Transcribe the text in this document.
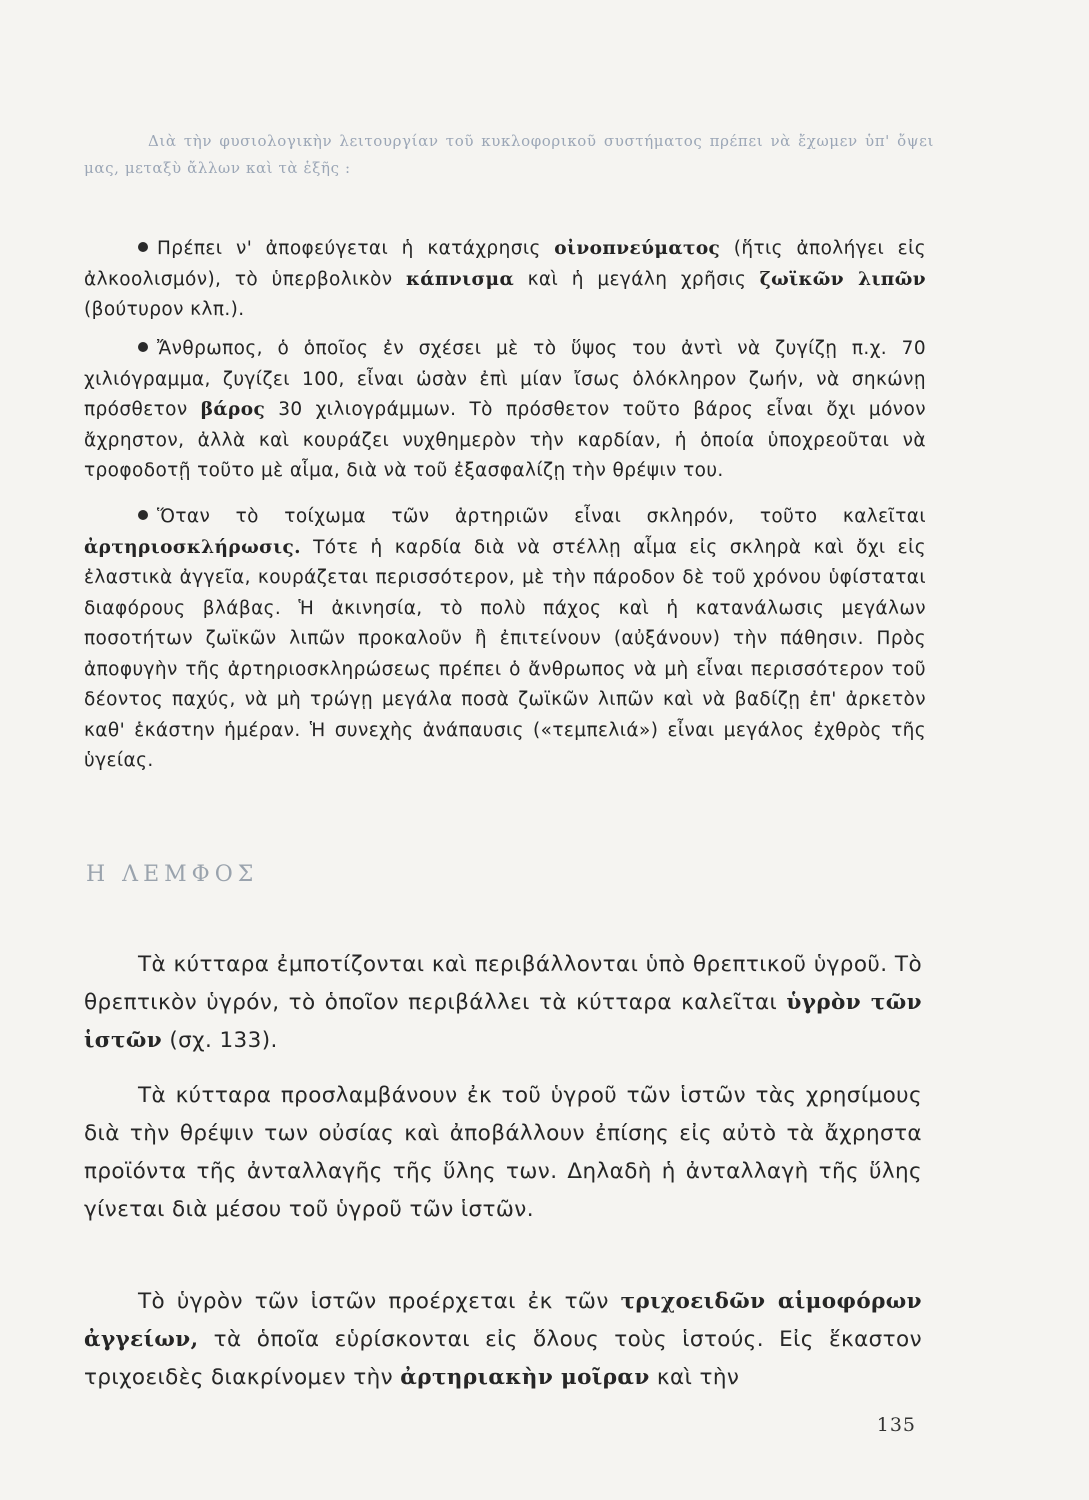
Διὰ τὴν φυσιολογικὴν λειτουργίαν τοῦ κυκλοφορικοῦ συστήματος πρέπει νὰ ἔχωμεν ὑπ' ὄψει μας, μεταξὺ ἄλλων καὶ τὰ ἑξῆς :

Πρέπει ν' ἀποφεύγεται ἡ κατάχρησις οἰνοπνεύματος (ἥτις ἀπολήγει εἰς ἀλκοολισμόν), τὸ ὑπερβολικὸν κάπνισμα καὶ ἡ μεγάλη χρῆσις ζωϊκῶν λιπῶν (βούτυρον κλπ.).

Ἄνθρωπος, ὁ ὁποῖος ἐν σχέσει μὲ τὸ ὕψος του ἀντὶ νὰ ζυγίζῃ π.χ. 70 χιλιόγραμμα, ζυγίζει 100, εἶναι ὡσὰν ἐπὶ μίαν ἴσως ὁλόκληρον ζωήν, νὰ σηκώνῃ πρόσθετον βάρος 30 χιλιογράμμων. Τὸ πρόσθετον τοῦτο βάρος εἶναι ὄχι μόνον ἄχρηστον, ἀλλὰ καὶ κουράζει νυχθημερὸν τὴν καρδίαν, ἡ ὁποία ὑποχρεοῦται νὰ τροφοδοτῇ τοῦτο μὲ αἷμα, διὰ νὰ τοῦ ἐξασφαλίζῃ τὴν θρέψιν του.

Ὅταν τὸ τοίχωμα τῶν ἀρτηριῶν εἶναι σκληρόν, τοῦτο καλεῖται ἀρτηριοσκλήρωσις. Τότε ἡ καρδία διὰ νὰ στέλλῃ αἷμα εἰς σκληρὰ καὶ ὄχι εἰς ἐλαστικὰ ἀγγεῖα, κουράζεται περισσότερον, μὲ τὴν πάροδον δὲ τοῦ χρόνου ὑφίσταται διαφόρους βλάβας. Ἡ ἀκινησία, τὸ πολὺ πάχος καὶ ἡ κατανάλωσις μεγάλων ποσοτήτων ζωϊκῶν λιπῶν προκαλοῦν ἢ ἐπιτείνουν (αὐξάνουν) τὴν πάθησιν. Πρὸς ἀποφυγὴν τῆς ἀρτηριοσκληρώσεως πρέπει ὁ ἄνθρωπος νὰ μὴ εἶναι περισσότερον τοῦ δέοντος παχύς, νὰ μὴ τρώγῃ μεγάλα ποσὰ ζωϊκῶν λιπῶν καὶ νὰ βαδίζῃ ἐπ' ἀρκετὸν καθ' ἑκάστην ἡμέραν. Ἡ συνεχὴς ἀνάπαυσις («τεμπελιά») εἶναι μεγάλος ἐχθρὸς τῆς ὑγείας.

Η ΛΕΜΦΟΣ

Τὰ κύτταρα ἐμποτίζονται καὶ περιβάλλονται ὑπὸ θρεπτικοῦ ὑγροῦ. Τὸ θρεπτικὸν ὑγρόν, τὸ ὁποῖον περιβάλλει τὰ κύτταρα καλεῖται ὑγρὸν τῶν ἱστῶν (σχ. 133).

Τὰ κύτταρα προσλαμβάνουν ἐκ τοῦ ὑγροῦ τῶν ἱστῶν τὰς χρησίμους διὰ τὴν θρέψιν των οὐσίας καὶ ἀποβάλλουν ἐπίσης εἰς αὐτὸ τὰ ἄχρηστα προϊόντα τῆς ἀνταλλαγῆς τῆς ὕλης των. Δηλαδὴ ἡ ἀνταλλαγὴ τῆς ὕλης γίνεται διὰ μέσου τοῦ ὑγροῦ τῶν ἱστῶν.

Τὸ ὑγρὸν τῶν ἱστῶν προέρχεται ἐκ τῶν τριχοειδῶν αἱμοφόρων ἀγγείων, τὰ ὁποῖα εὑρίσκονται εἰς ὅλους τοὺς ἱστούς. Εἰς ἕκαστον τριχοειδὲς διακρίνομεν τὴν ἀρτηριακὴν μοῖραν καὶ τὴν

135
